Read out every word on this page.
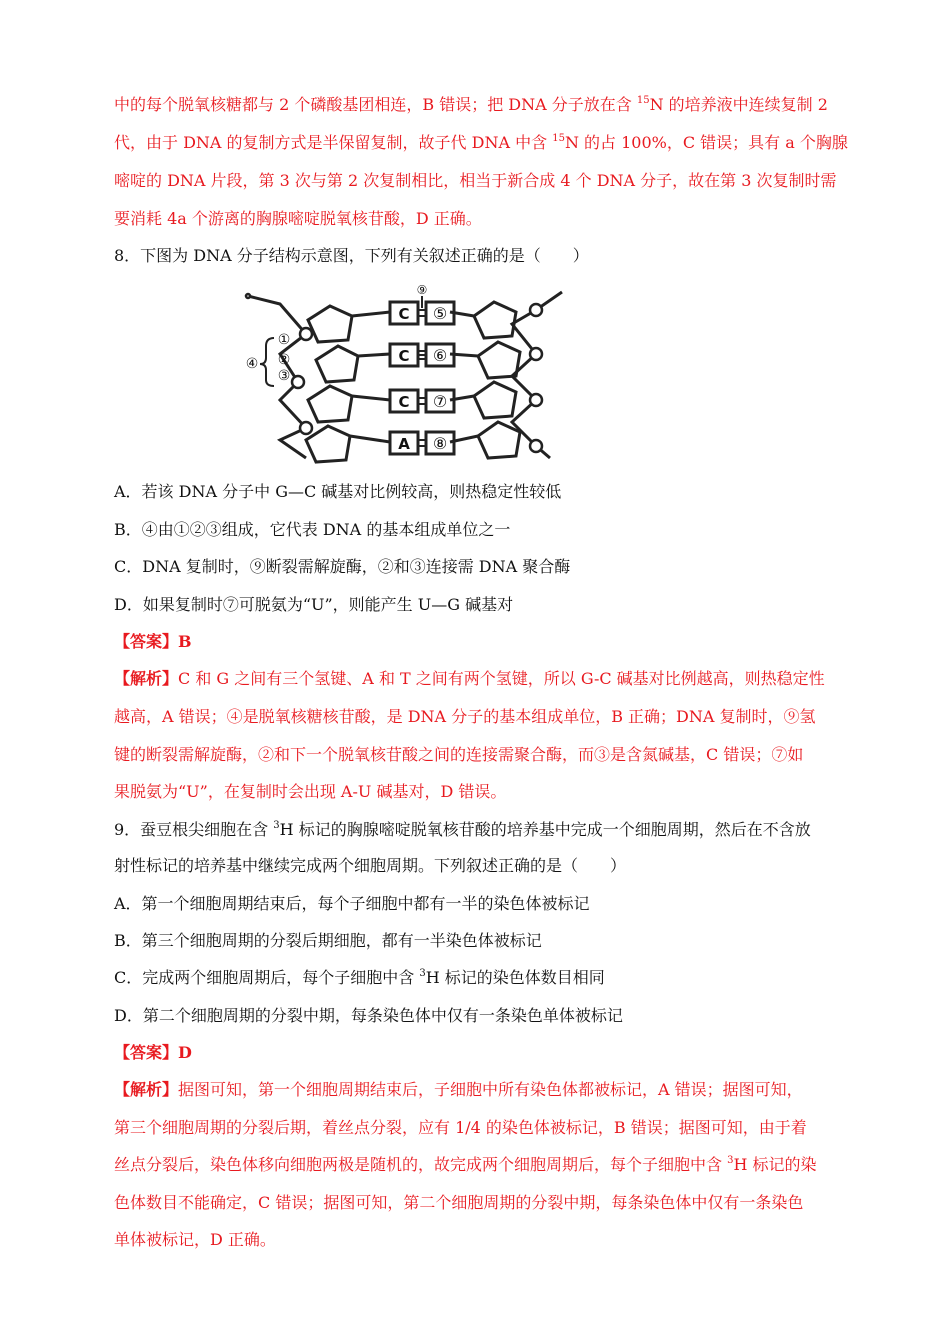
中的每个脱氧核糖都与 2 个磷酸基团相连，B 错误；把 DNA 分子放在含 $^{15}$N 的培养液中连续复制 2
代，由于 DNA 的复制方式是半保留复制，故子代 DNA 中含 $^{15}$N 的占 100%，C 错误；具有 a 个胸腺
嘧啶的 DNA 片段，第 3 次与第 2 次复制相比，相当于新合成 4 个 DNA 分子，故在第 3 次复制时需
要消耗 4a 个游离的胸腺嘧啶脱氧核苷酸，D 正确。
8．下图为 DNA 分子结构示意图，下列有关叙述正确的是（　　）
C
C
C
A
⑤
⑥
⑦
⑧
⑨
①
②
③
④
A．若该 DNA 分子中 G—C 碱基对比例较高，则热稳定性较低
B．④由①②③组成，它代表 DNA 的基本组成单位之一
C．DNA 复制时，⑨断裂需解旋酶，②和③连接需 DNA 聚合酶
D．如果复制时⑦可脱氨为“U”，则能产生 U—G 碱基对
【答案】B
【解析】C 和 G 之间有三个氢键、A 和 T 之间有两个氢键，所以 G-C 碱基对比例越高，则热稳定性
越高，A 错误；④是脱氧核糖核苷酸，是 DNA 分子的基本组成单位，B 正确；DNA 复制时，⑨氢
键的断裂需解旋酶，②和下一个脱氧核苷酸之间的连接需聚合酶，而③是含氮碱基，C 错误；⑦如
果脱氨为“U”，在复制时会出现 A-U 碱基对，D 错误。
9．蚕豆根尖细胞在含 $^3$H 标记的胸腺嘧啶脱氧核苷酸的培养基中完成一个细胞周期，然后在不含放
射性标记的培养基中继续完成两个细胞周期。下列叙述正确的是（　　）
A．第一个细胞周期结束后，每个子细胞中都有一半的染色体被标记
B．第三个细胞周期的分裂后期细胞，都有一半染色体被标记
C．完成两个细胞周期后，每个子细胞中含 $^3$H 标记的染色体数目相同
D．第二个细胞周期的分裂中期，每条染色体中仅有一条染色单体被标记
【答案】D
【解析】据图可知，第一个细胞周期结束后，子细胞中所有染色体都被标记，A 错误；据图可知，
第三个细胞周期的分裂后期，着丝点分裂，应有 1/4 的染色体被标记，B 错误；据图可知，由于着
丝点分裂后，染色体移向细胞两极是随机的，故完成两个细胞周期后，每个子细胞中含 $^3$H 标记的染
色体数目不能确定，C 错误；据图可知，第二个细胞周期的分裂中期，每条染色体中仅有一条染色
单体被标记，D 正确。
